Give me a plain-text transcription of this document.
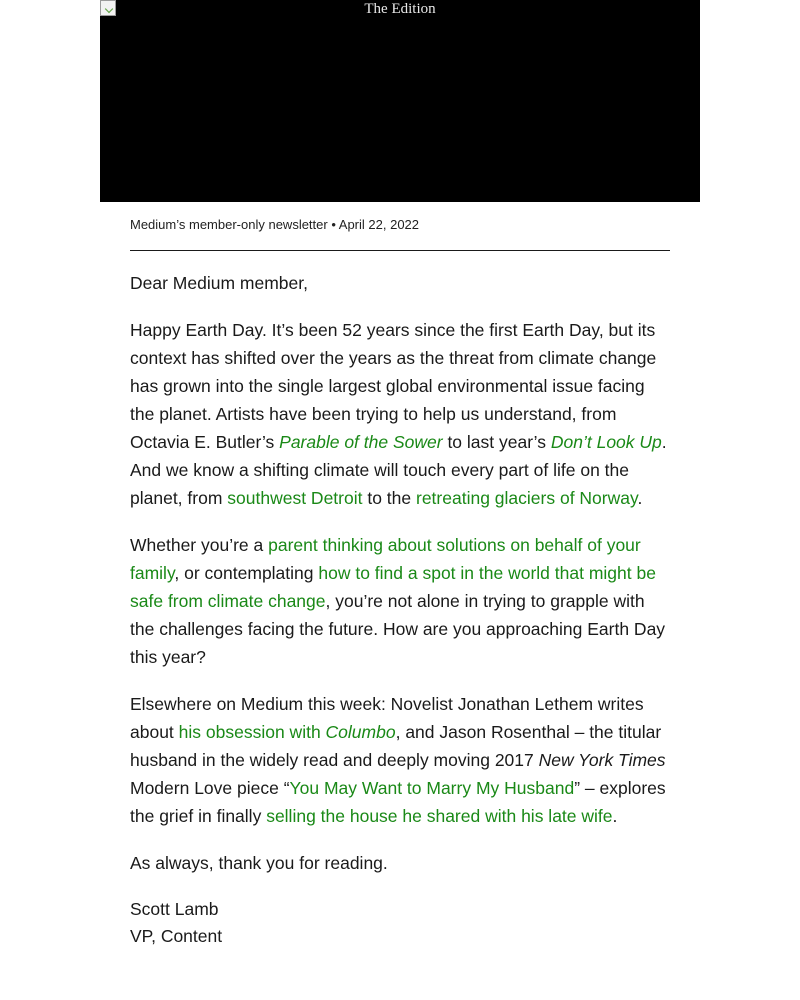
The Edition

Medium’s member-only newsletter • April 22, 2022

Dear Medium member,

Happy Earth Day. It’s been 52 years since the first Earth Day, but its context has shifted over the years as the threat from climate change has grown into the single largest global environmental issue facing the planet. Artists have been trying to help us understand, from Octavia E. Butler’s Parable of the Sower to last year’s Don’t Look Up. And we know a shifting climate will touch every part of life on the planet, from southwest Detroit to the retreating glaciers of Norway.

Whether you’re a parent thinking about solutions on behalf of your family, or contemplating how to find a spot in the world that might be safe from climate change, you’re not alone in trying to grapple with the challenges facing the future. How are you approaching Earth Day this year?

Elsewhere on Medium this week: Novelist Jonathan Lethem writes about his obsession with Columbo, and Jason Rosenthal – the titular husband in the widely read and deeply moving 2017 New York Times Modern Love piece “You May Want to Marry My Husband” – explores the grief in finally selling the house he shared with his late wife.

As always, thank you for reading.

Scott Lamb

VP, Content
